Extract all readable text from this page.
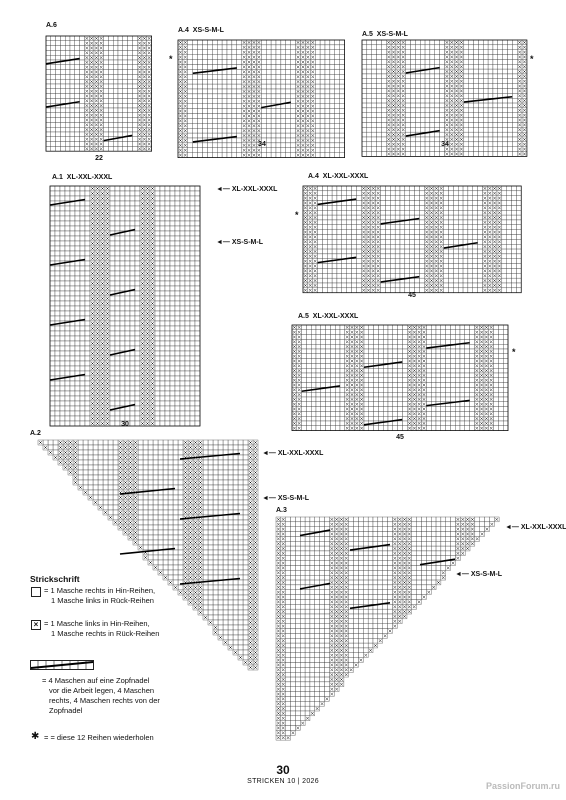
A.6
22
A.4 XS-S-M-L
34
*
A.5 XS-S-M-L
34
*
A.1 XL-XXL-XXXL
◄— XL-XXL-XXXL
◄— XS-S-M-L
30
A.4 XL-XXL-XXXL
*
45
A.5 XL-XXL-XXXL
*
45
A.2
◄— XL-XXL-XXXL
◄— XS-S-M-L
A.3
◄— XL-XXL-XXXL
◄— XS-S-M-L
Strickschrift
= 1 Masche rechts in Hin-Reihen,
1 Masche links in Rück-Reihen
× = 1 Masche links in Hin-Reihen,
1 Masche rechts in Rück-Reihen
= 4 Maschen auf eine Zopfnadel
vor die Arbeit legen, 4 Maschen
rechts, 4 Maschen rechts von der
Zopfnadel
✱ = = diese 12 Reihen wiederholen
30
STRICKEN 10 | 2026	PassionForum.ru
